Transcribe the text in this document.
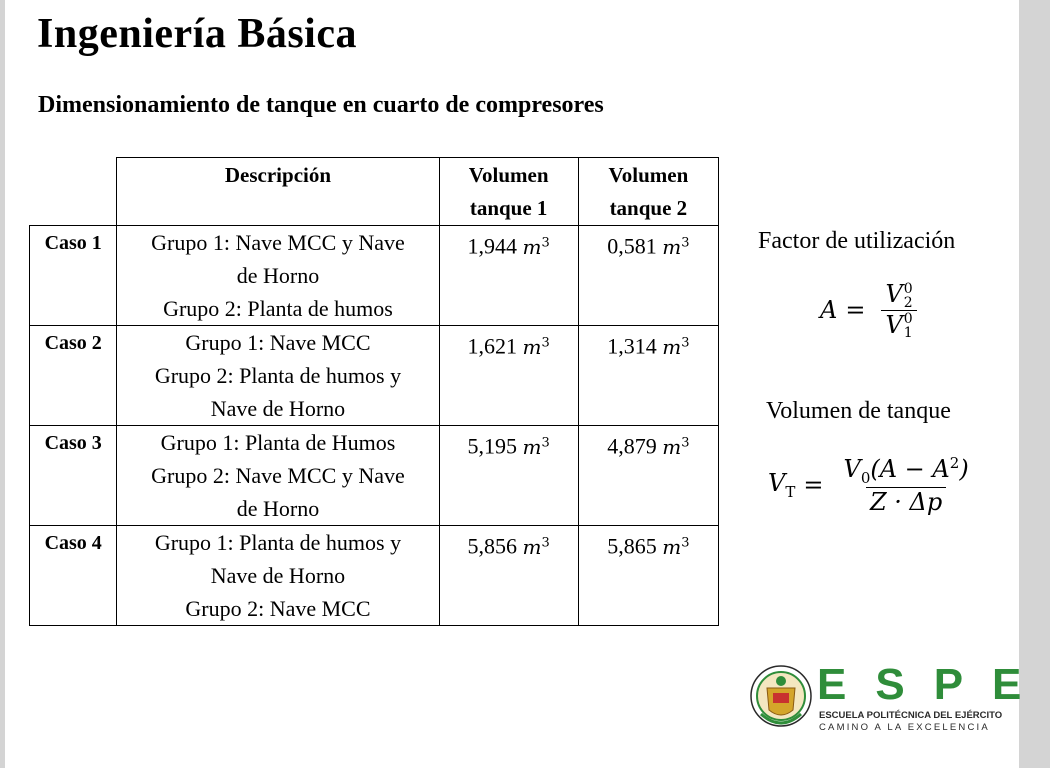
Ingeniería Básica
Dimensionamiento de tanque en cuarto de compresores
	Descripción	Volumen
tanque 1	Volumen
tanque 2

Caso 1	Grupo 1: Nave MCC y Nave
de Horno
Grupo 2: Planta de humos	1,944 $m^3$	0,581 $m^3$
Caso 2	Grupo 1: Nave MCC
Grupo 2: Planta de humos y
Nave de Horno	1,621 $m^3$	1,314 $m^3$
Caso 3	Grupo 1: Planta de Humos
Grupo 2: Nave MCC y Nave
de Horno	5,195 $m^3$	4,879 $m^3$
Caso 4	Grupo 1: Planta de humos y
Nave de Horno
Grupo 2: Nave MCC	5,856 $m^3$	5,865 $m^3$
Factor de utilización
A = V 0
2
V 0
1
Volumen de tanque
$V_T = \frac{V_0(A - A^2)}{Z \cdot \Delta p}$
ESPE
ESCUELA POLITÉCNICA DEL EJÉRCITO
CAMINO A LA EXCELENCIA
